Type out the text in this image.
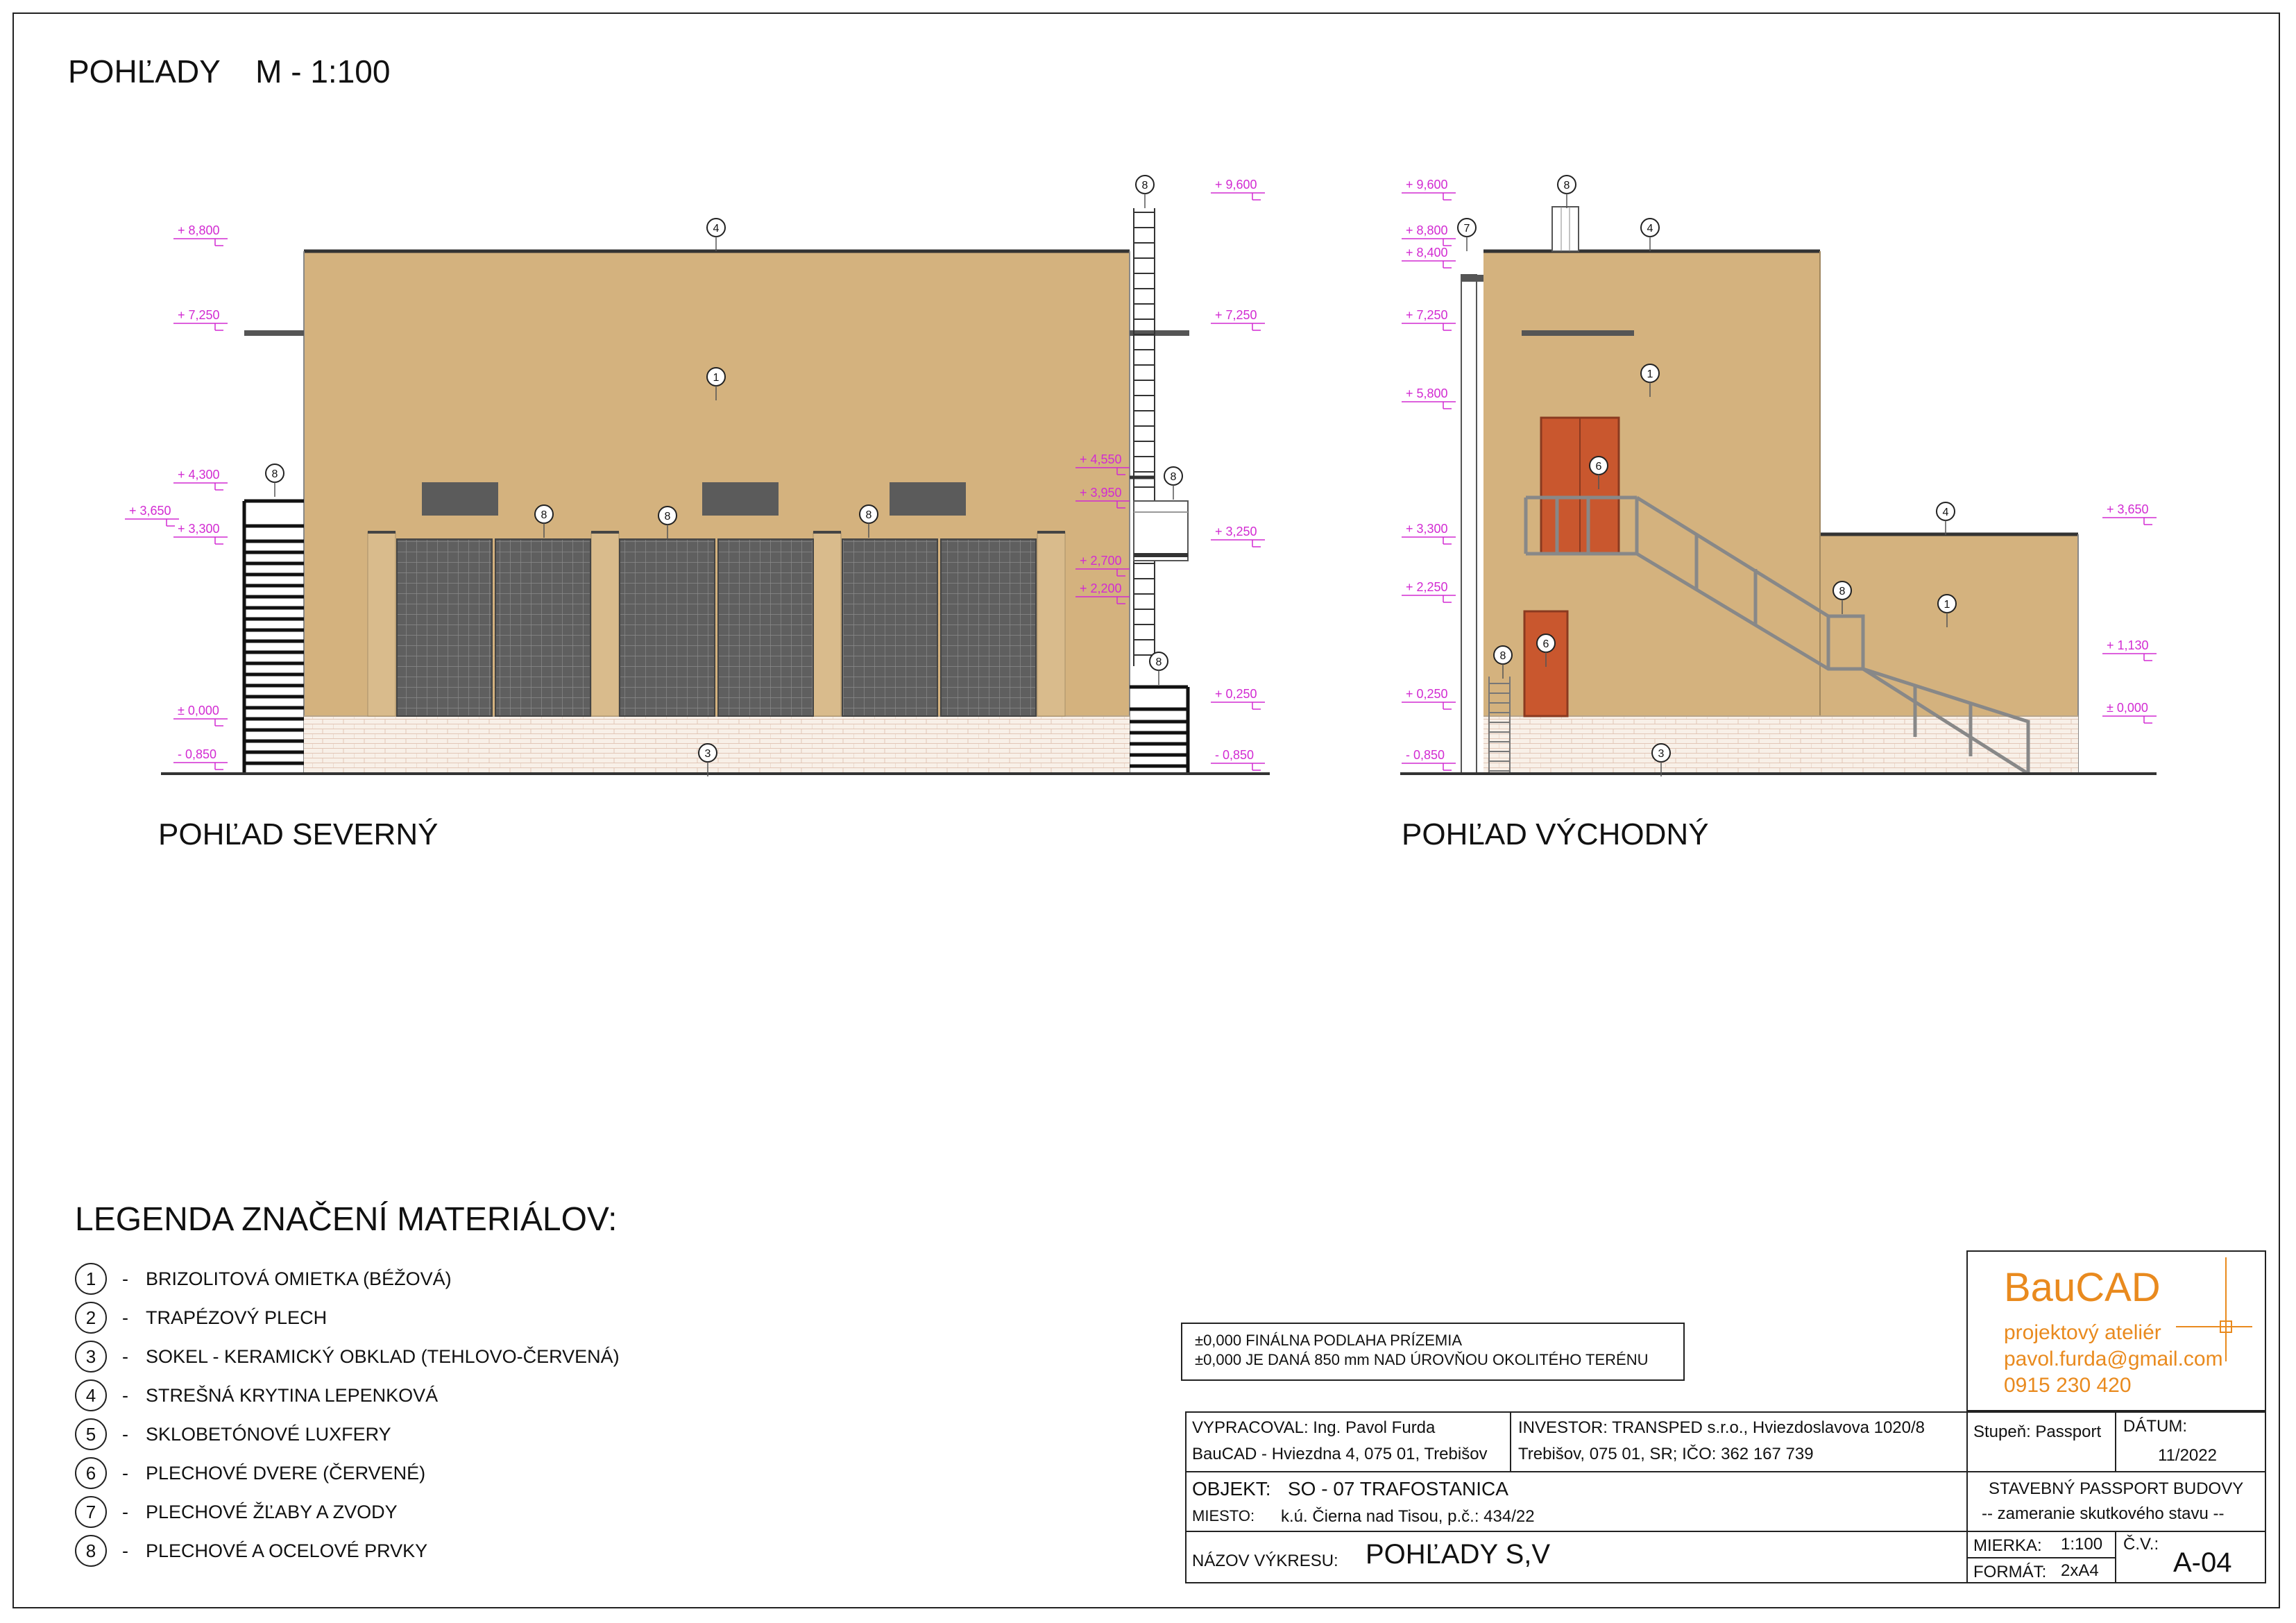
+ 8,800
+ 7,250
+ 4,300
+ 3,650
+ 3,300
± 0,000
- 0,850
+ 9,600
+ 7,250
+ 4,550
+ 3,950
+ 3,250
+ 2,700
+ 2,200
+ 0,250
- 0,850
+ 9,600
+ 8,800
+ 8,400
+ 7,250
+ 5,800
+ 3,300
+ 2,250
+ 0,250
- 0,850
+ 3,650
+ 1,130
± 0,000
4
1
8
8	8	8
8
8
8
3
7
8
4
1
6
4
8
1
6
8
3
POHĽADY    M - 1:100
POHĽAD SEVERNÝ	POHĽAD VÝCHODNÝ
LEGENDA ZNAČENÍ MATERIÁLOV:
1	- BRIZOLITOVÁ OMIETKA (BÉŽOVÁ)
2	- TRAPÉZOVÝ PLECH
3	- SOKEL - KERAMICKÝ OBKLAD (TEHLOVO-ČERVENÁ)
4	- STREŠNÁ KRYTINA LEPENKOVÁ
5	- SKLOBETÓNOVÉ LUXFERY
6	- PLECHOVÉ DVERE (ČERVENÉ)
7	- PLECHOVÉ ŽĽABY A ZVODY
8	- PLECHOVÉ A OCELOVÉ PRVKY
±0,000 FINÁLNA PODLAHA PRÍZEMIA
±0,000 JE DANÁ 850 mm NAD ÚROVŇOU OKOLITÉHO TERÉNU
BauCAD
projektový ateliér
pavol.furda@gmail.com
0915 230 420
VYPRACOVAL: Ing. Pavol Furda
BauCAD - Hviezdna 4, 075 01, Trebišov
INVESTOR: TRANSPED s.r.o., Hviezdoslavova 1020/8
Trebišov, 075 01, SR; IČO: 362 167 739
Stupeň: Passport DÁTUM:
11/2022
OBJEKT: SO - 07 TRAFOSTANICA
MIESTO: k.ú. Čierna nad Tisou, p.č.: 434/22
STAVEBNÝ PASSPORT BUDOVY
-- zameranie skutkového stavu --
NÁZOV VÝKRESU: POHĽADY S,V	MIERKA: 1:100
FORMÁT: 2xA4
Č.V.:
A-04
